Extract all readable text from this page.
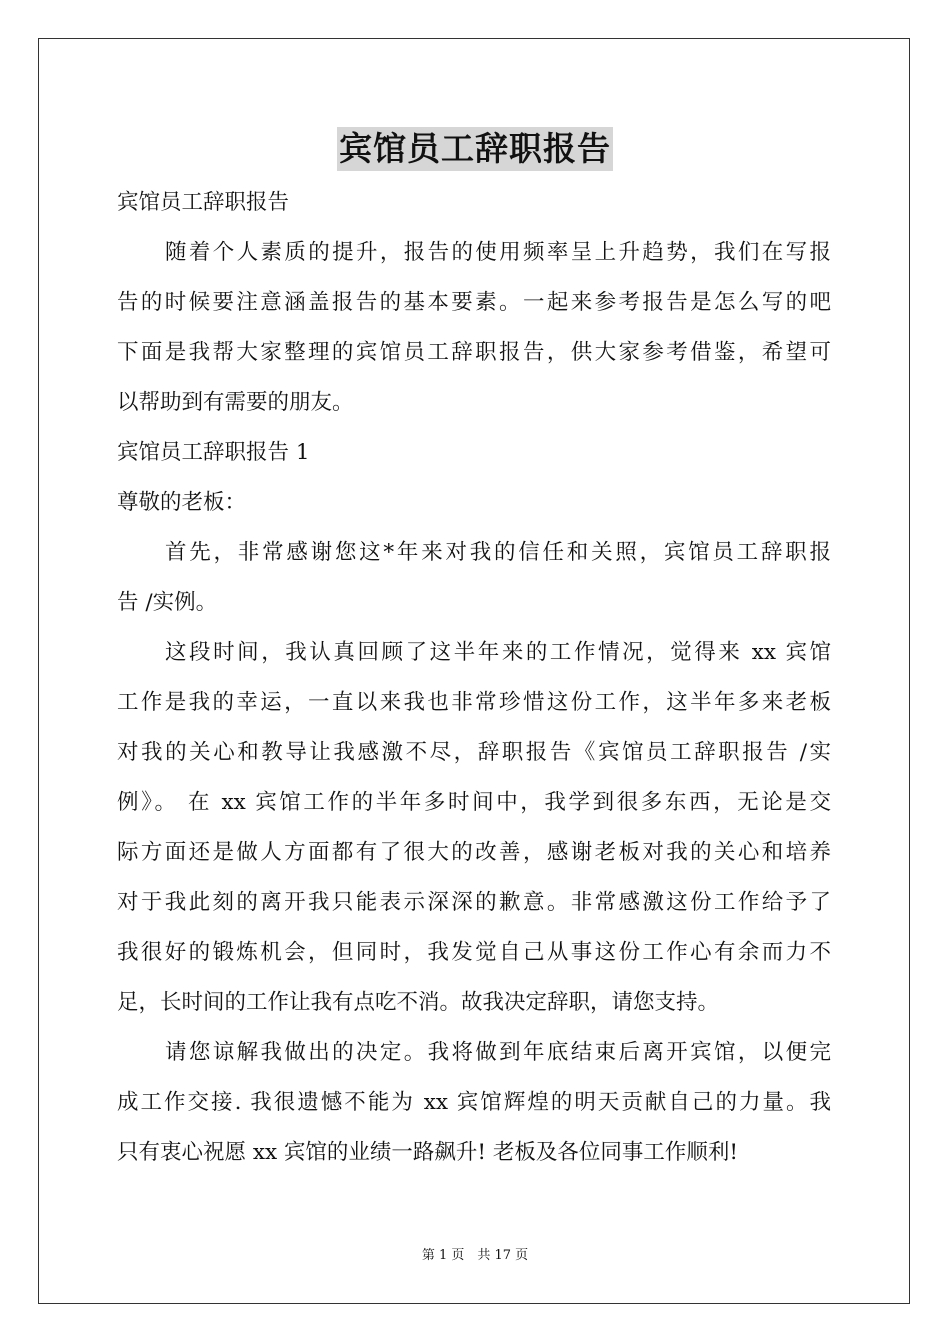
宾馆员工辞职报告
宾馆员工辞职报告
随着个人素质的提升，报告的使用频率呈上升趋势，我们在写报
告的时候要注意涵盖报告的基本要素。一起来参考报告是怎么写的吧
下面是我帮大家整理的宾馆员工辞职报告，供大家参考借鉴，希望可
以帮助到有需要的朋友。
宾馆员工辞职报告 1
尊敬的老板：
首先，非常感谢您这*年来对我的信任和关照，宾馆员工辞职报
告 /实例。
这段时间，我认真回顾了这半年来的工作情况，觉得来 xx 宾馆
工作是我的幸运，一直以来我也非常珍惜这份工作，这半年多来老板
对我的关心和教导让我感激不尽，辞职报告《宾馆员工辞职报告 /实
例》。 在 xx 宾馆工作的半年多时间中，我学到很多东西，无论是交
际方面还是做人方面都有了很大的改善，感谢老板对我的关心和培养
对于我此刻的离开我只能表示深深的歉意。非常感激这份工作给予了
我很好的锻炼机会，但同时，我发觉自己从事这份工作心有余而力不
足，长时间的工作让我有点吃不消。故我决定辞职，请您支持。
请您谅解我做出的决定。我将做到年底结束后离开宾馆，以便完
成工作交接. 我很遗憾不能为 xx 宾馆辉煌的明天贡献自己的力量。我
只有衷心祝愿 xx 宾馆的业绩一路飙升! 老板及各位同事工作顺利!
第 1 页　共 17 页
